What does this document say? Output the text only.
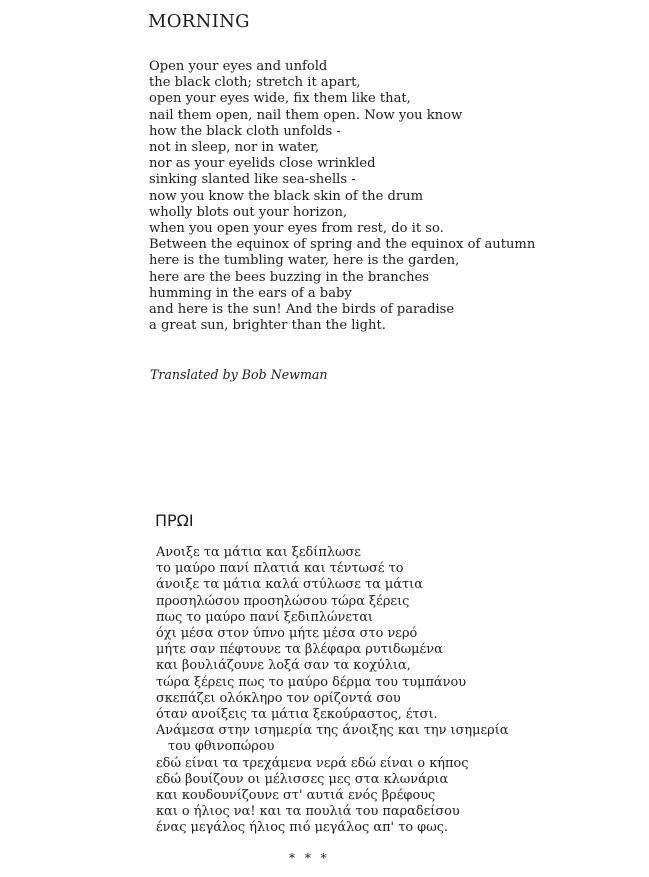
MORNING
Open your eyes and unfold
the black cloth; stretch it apart,
open your eyes wide, fix them like that,
nail them open, nail them open. Now you know
how the black cloth unfolds -
not in sleep, nor in water,
nor as your eyelids close wrinkled
sinking slanted like sea-shells -
now you know the black skin of the drum
wholly blots out your horizon,
when you open your eyes from rest, do it so.
Between the equinox of spring and the equinox of autumn
here is the tumbling water, here is the garden,
here are the bees buzzing in the branches
humming in the ears of a baby
and here is the sun! And the birds of paradise
a great sun, brighter than the light.
Translated by Bob Newman
ΠΡΩΙ
Ανοιξε τα μάτια και ξεδίπλωσε
το μαύρο πανί πλατιά και τέντωσέ το
άνοιξε τα μάτια καλά στύλωσε τα μάτια
προσηλώσου προσηλώσου τώρα ξέρεις
πως το μαύρο πανί ξεδιπλώνεται
όχι μέσα στον ύπνο μήτε μέσα στο νερό
μήτε σαν πέφτουνε τα βλέφαρα ρυτιδωμένα
και βουλιάζουνε λοξά σαν τα κοχύλια,
τώρα ξέρεις πως το μαύρο δέρμα του τυμπάνου
σκεπάζει ολόκληρο τον ορίζοντά σου
όταν ανοίξεις τα μάτια ξεκούραστος, έτσι.
Ανάμεσα στην ισημερία της άνοιξης και την ισημερία
του φθινοπώρου
εδώ είναι τα τρεχάμενα νερά εδώ είναι ο κήπος
εδώ βουίζουν οι μέλισσες μες στα κλωνάρια
και κουδουνίζουνε στ' αυτιά ενός βρέφους
και ο ήλιος να! και τα πουλιά του παραδείσου
ένας μεγάλος ήλιος πιό μεγάλος απ' το φως.
* * *
